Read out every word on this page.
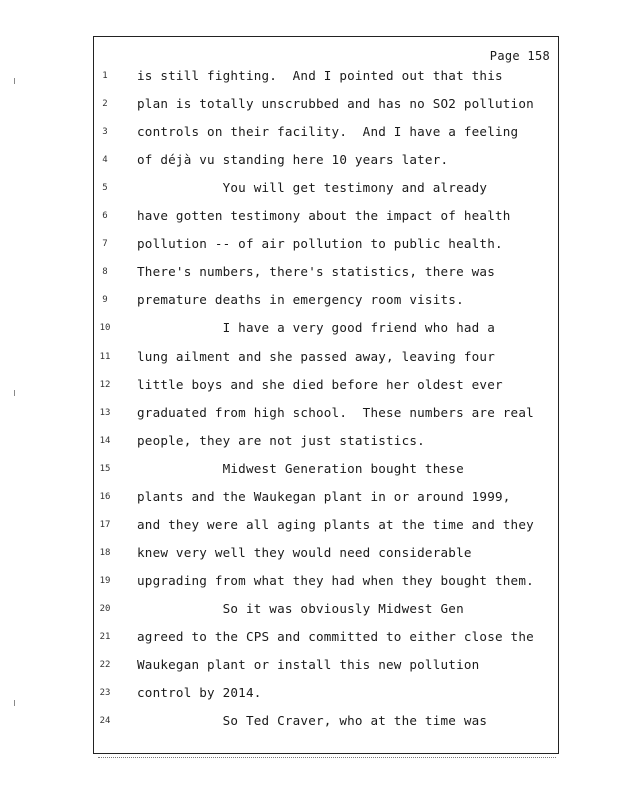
Page 158
1	is still fighting.  And I pointed out that this
2	plan is totally unscrubbed and has no SO2 pollution
3	controls on their facility.  And I have a feeling
4	of déjà vu standing here 10 years later.
5	You will get testimony and already
6	have gotten testimony about the impact of health
7	pollution -- of air pollution to public health.
8	There's numbers, there's statistics, there was
9	premature deaths in emergency room visits.
10	I have a very good friend who had a
11	lung ailment and she passed away, leaving four
12	little boys and she died before her oldest ever
13	graduated from high school.  These numbers are real
14	people, they are not just statistics.
15	Midwest Generation bought these
16	plants and the Waukegan plant in or around 1999,
17	and they were all aging plants at the time and they
18	knew very well they would need considerable
19	upgrading from what they had when they bought them.
20	So it was obviously Midwest Gen
21	agreed to the CPS and committed to either close the
22	Waukegan plant or install this new pollution
23	control by 2014.
24	So Ted Craver, who at the time was
